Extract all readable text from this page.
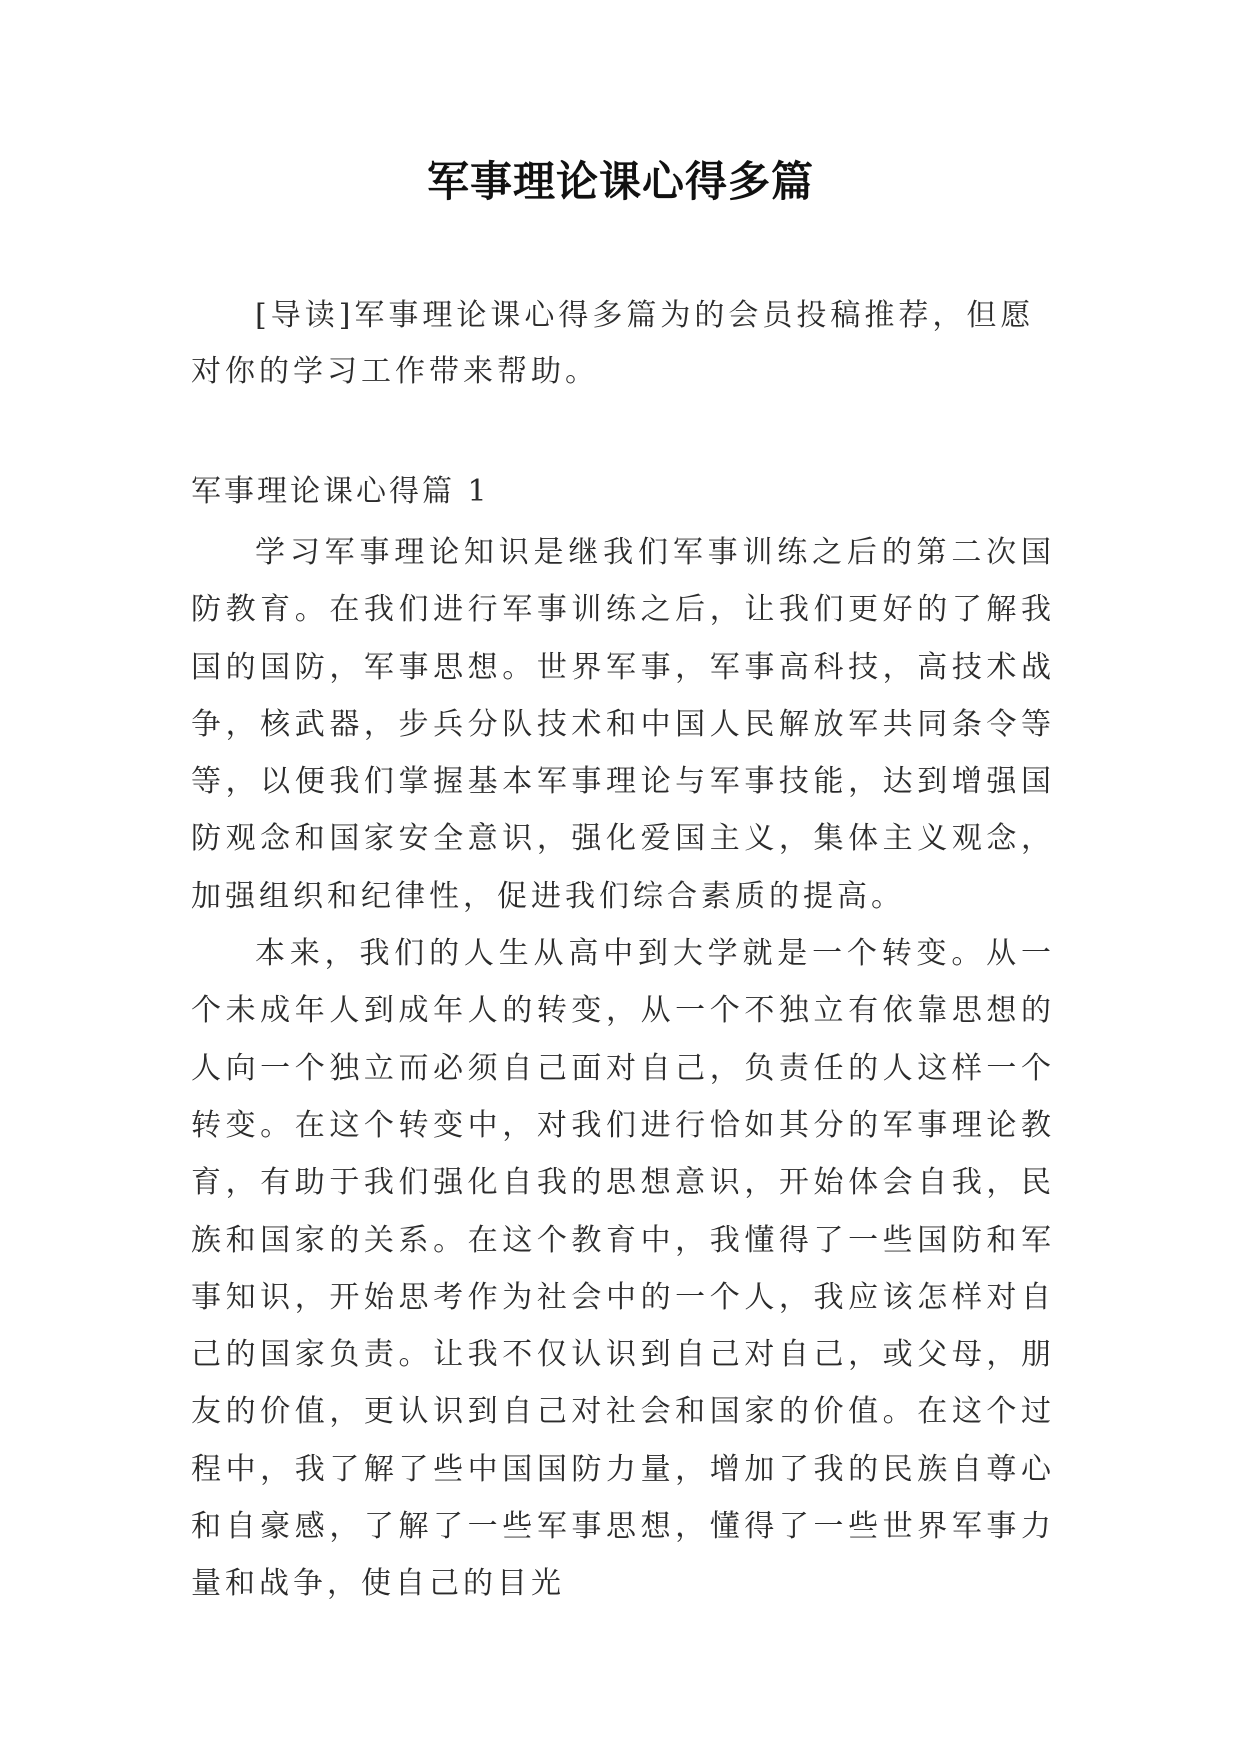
军事理论课心得多篇
[导读]军事理论课心得多篇为的会员投稿推荐，但愿对你的学习工作带来帮助。
军事理论课心得篇 1

学习军事理论知识是继我们军事训练之后的第二次国防教育。在我们进行军事训练之后，让我们更好的了解我国的国防，军事思想。世界军事，军事高科技，高技术战争，核武器，步兵分队技术和中国人民解放军共同条令等等，以便我们掌握基本军事理论与军事技能，达到增强国防观念和国家安全意识，强化爱国主义，集体主义观念，加强组织和纪律性，促进我们综合素质的提高。

本来，我们的人生从高中到大学就是一个转变。从一个未成年人到成年人的转变，从一个不独立有依靠思想的人向一个独立而必须自己面对自己，负责任的人这样一个转变。在这个转变中，对我们进行恰如其分的军事理论教育，有助于我们强化自我的思想意识，开始体会自我，民族和国家的关系。在这个教育中，我懂得了一些国防和军事知识，开始思考作为社会中的一个人，我应该怎样对自己的国家负责。让我不仅认识到自己对自己，或父母，朋友的价值，更认识到自己对社会和国家的价值。在这个过程中，我了解了些中国国防力量，增加了我的民族自尊心和自豪感，了解了一些军事思想，懂得了一些世界军事力量和战争，使自己的目光
